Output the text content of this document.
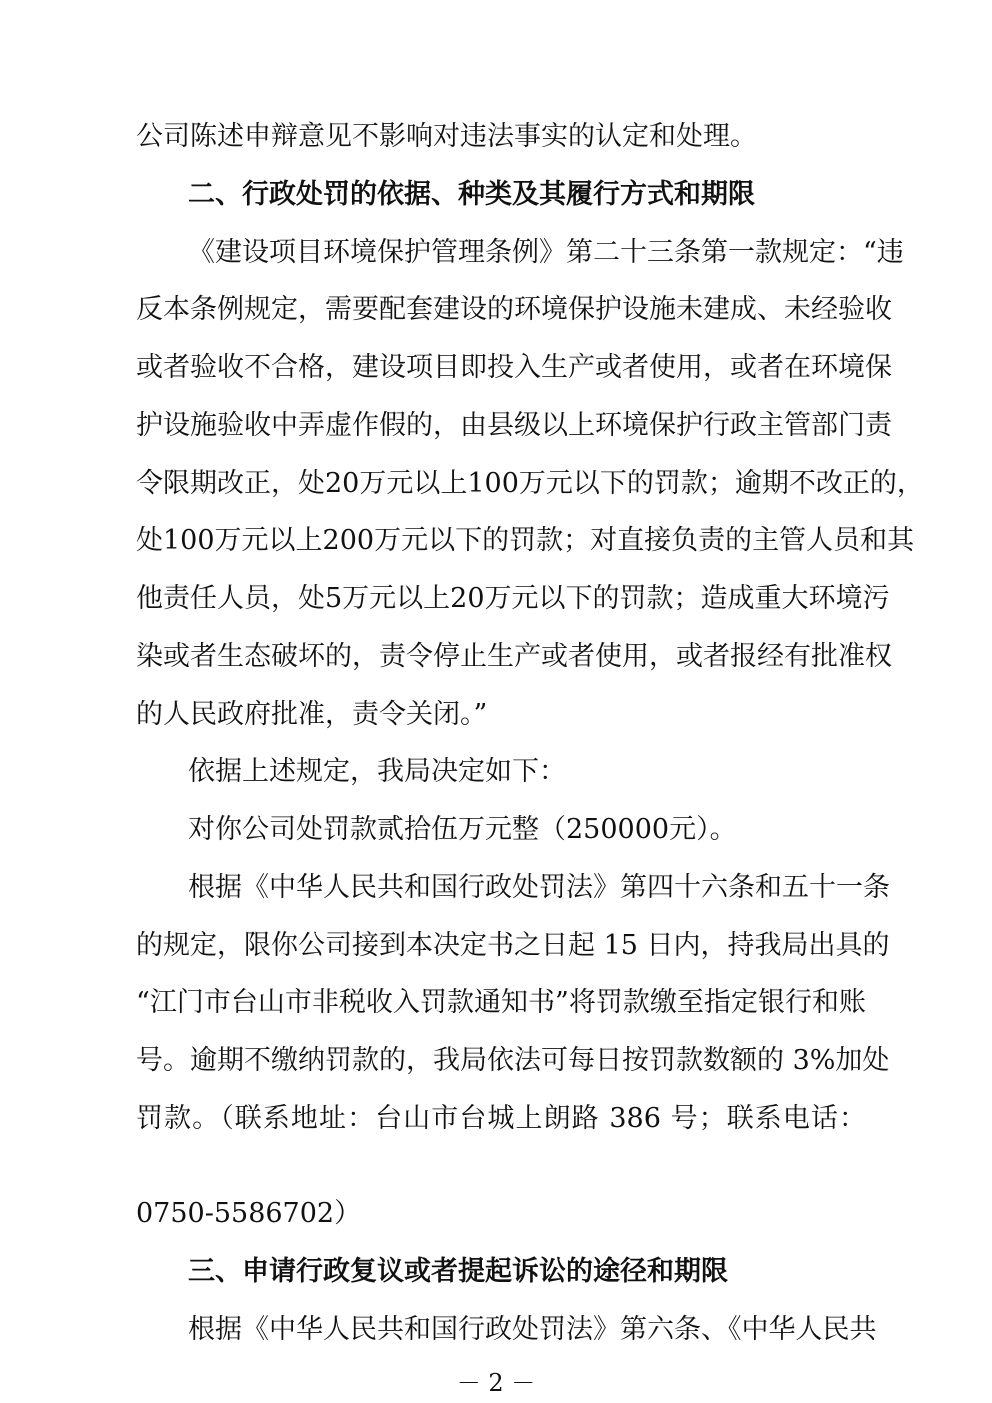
公司陈述申辩意见不影响对违法事实的认定和处理。
二、行政处罚的依据、种类及其履行方式和期限
《建设项目环境保护管理条例》第二十三条第一款规定：“违
反本条例规定，需要配套建设的环境保护设施未建成、未经验收
或者验收不合格，建设项目即投入生产或者使用，或者在环境保
护设施验收中弄虚作假的，由县级以上环境保护行政主管部门责
令限期改正，处20万元以上100万元以下的罚款；逾期不改正的，
处100万元以上200万元以下的罚款；对直接负责的主管人员和其
他责任人员，处5万元以上20万元以下的罚款；造成重大环境污
染或者生态破坏的，责令停止生产或者使用，或者报经有批准权
的人民政府批准，责令关闭。”
依据上述规定，我局决定如下：
对你公司处罚款贰拾伍万元整（250000元）。
根据《中华人民共和国行政处罚法》第四十六条和五十一条
的规定，限你公司接到本决定书之日起 15 日内，持我局出具的
“江门市台山市非税收入罚款通知书”将罚款缴至指定银行和账
号。逾期不缴纳罚款的，我局依法可每日按罚款数额的 3%加处
罚款。（联系地址：台山市台城上朗路 386 号；联系电话：
0750-5586702）
三、申请行政复议或者提起诉讼的途径和期限
根据《中华人民共和国行政处罚法》第六条、《中华人民共
－ 2 －
